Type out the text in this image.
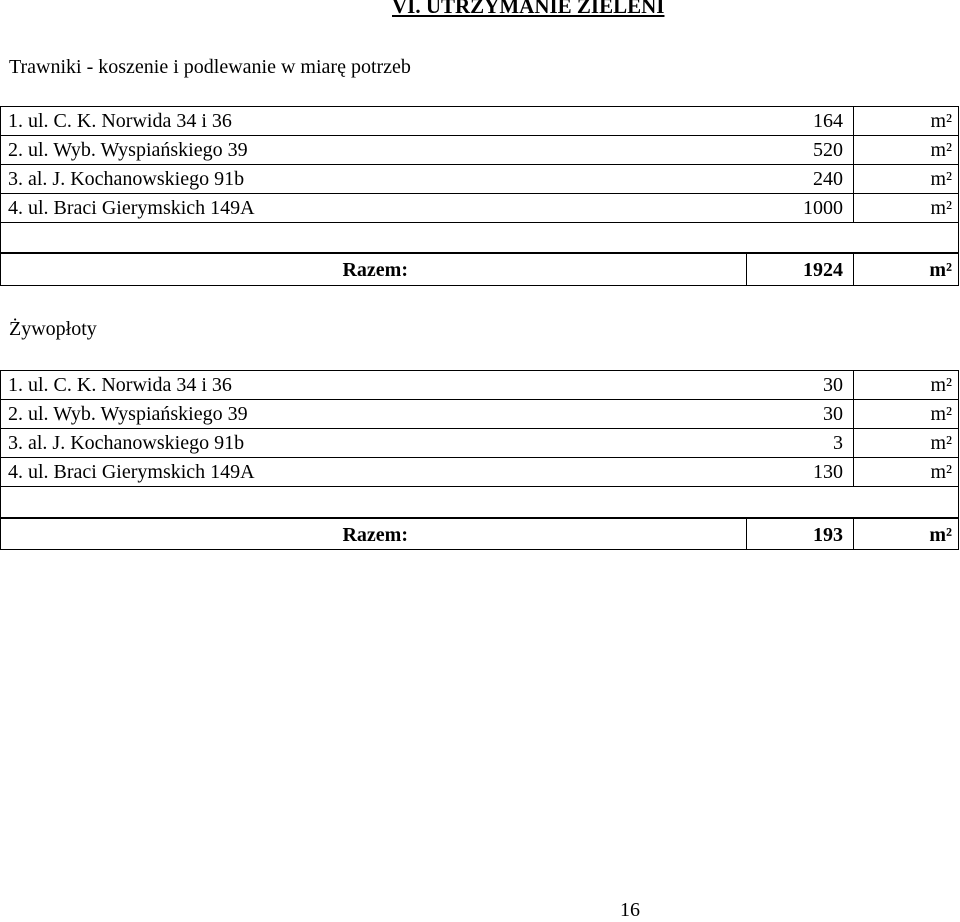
VI. UTRZYMANIE ZIELENI
Trawniki - koszenie i podlewanie w miarę potrzeb
1. ul. C. K. Norwida 34 i 36	164	m²
2. ul. Wyb. Wyspiańskiego 39	520	m²
3. al. J. Kochanowskiego 91b	240	m²
4. ul. Braci Gierymskich 149A	1000	m²
Razem:	1924	m²
Żywopłoty
1. ul. C. K. Norwida 34 i 36	30	m²
2. ul. Wyb. Wyspiańskiego 39	30	m²
3. al. J. Kochanowskiego 91b	3	m²
4. ul. Braci Gierymskich 149A	130	m²
Razem:	193	m²
16
